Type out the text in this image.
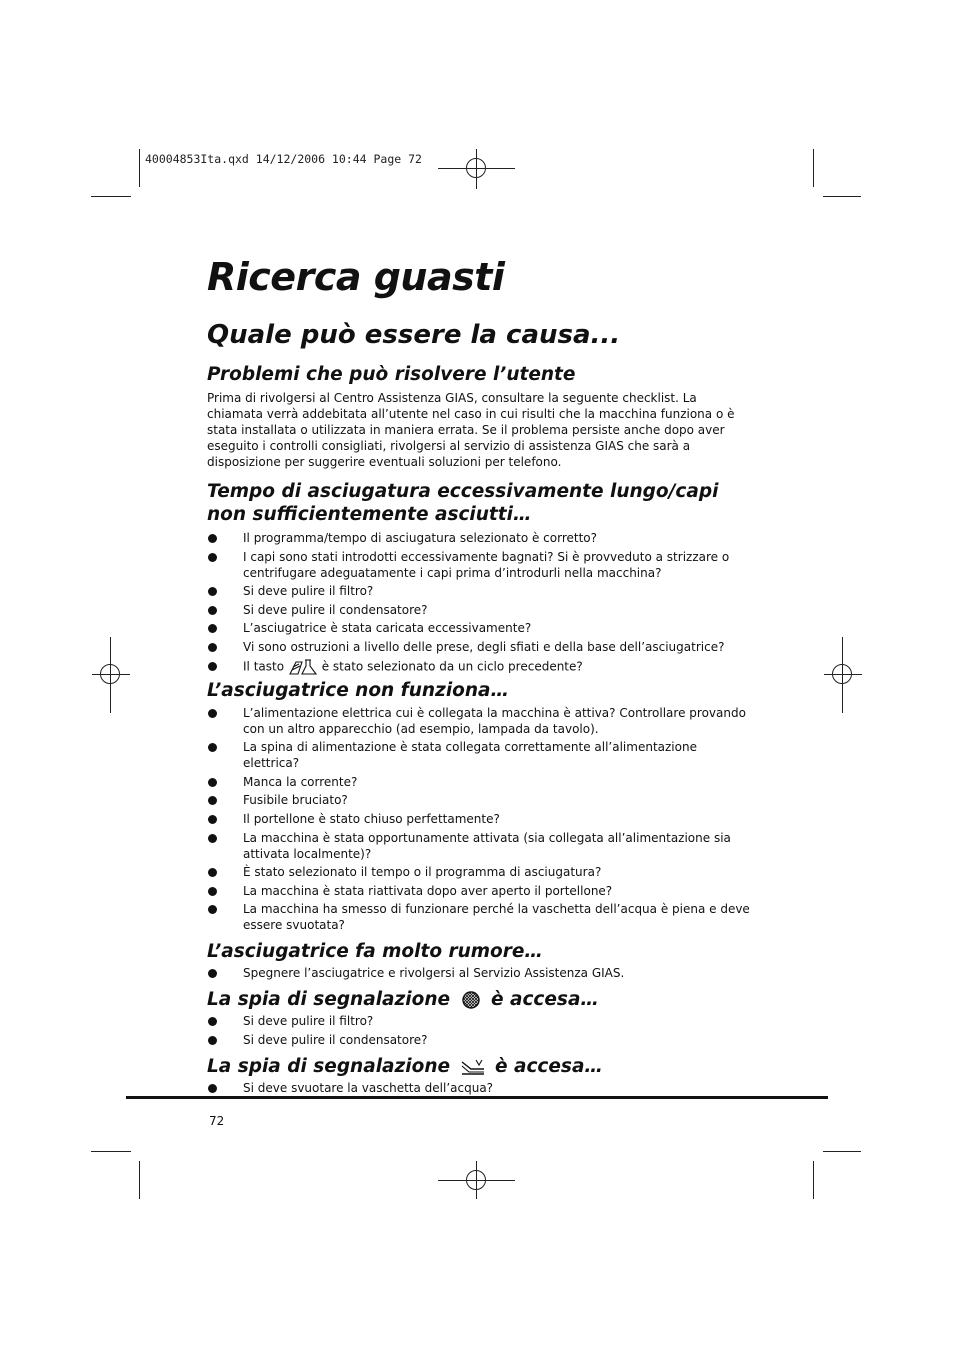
40004853Ita.qxd 14/12/2006 10:44 Page 72
Ricerca guasti
Quale può essere la causa...

Problemi che può risolvere l’utente

Prima di rivolgersi al Centro Assistenza GIAS, consultare la seguente checklist. La chiamata verrà addebitata all’utente nel caso in cui risulti che la macchina funziona o è stata installata o utilizzata in maniera errata. Se il problema persiste anche dopo aver eseguito i controlli consigliati, rivolgersi al servizio di assistenza GIAS che sarà a disposizione per suggerire eventuali soluzioni per telefono.

Tempo di asciugatura eccessivamente lungo/capi non sufficientemente asciutti…

Il programma/tempo di asciugatura selezionato è corretto?
I capi sono stati introdotti eccessivamente bagnati? Si è provveduto a strizzare o centrifugare adeguatamente i capi prima d’introdurli nella macchina?
Si deve pulire il filtro?
Si deve pulire il condensatore?
L’asciugatrice è stata caricata eccessivamente?
Vi sono ostruzioni a livello delle prese, degli sfiati e della base dell’asciugatrice?
Il tasto	è stato selezionato da un ciclo precedente?

L’asciugatrice non funziona…

L’alimentazione elettrica cui è collegata la macchina è attiva? Controllare provando con un altro apparecchio (ad esempio, lampada da tavolo).
La spina di alimentazione è stata collegata correttamente all’alimentazione elettrica?
Manca la corrente?
Fusibile bruciato?
Il portellone è stato chiuso perfettamente?
La macchina è stata opportunamente attivata (sia collegata all’alimentazione sia attivata localmente)?
È stato selezionato il tempo o il programma di asciugatura?
La macchina è stata riattivata dopo aver aperto il portellone?
La macchina ha smesso di funzionare perché la vaschetta dell’acqua è piena e deve essere svuotata?

L’asciugatrice fa molto rumore…

Spegnere l’asciugatrice e rivolgersi al Servizio Assistenza GIAS.

La spia di segnalazione è accesa…

Si deve pulire il filtro?
Si deve pulire il condensatore?

La spia di segnalazione è accesa…

Si deve svuotare la vaschetta dell’acqua?
72
